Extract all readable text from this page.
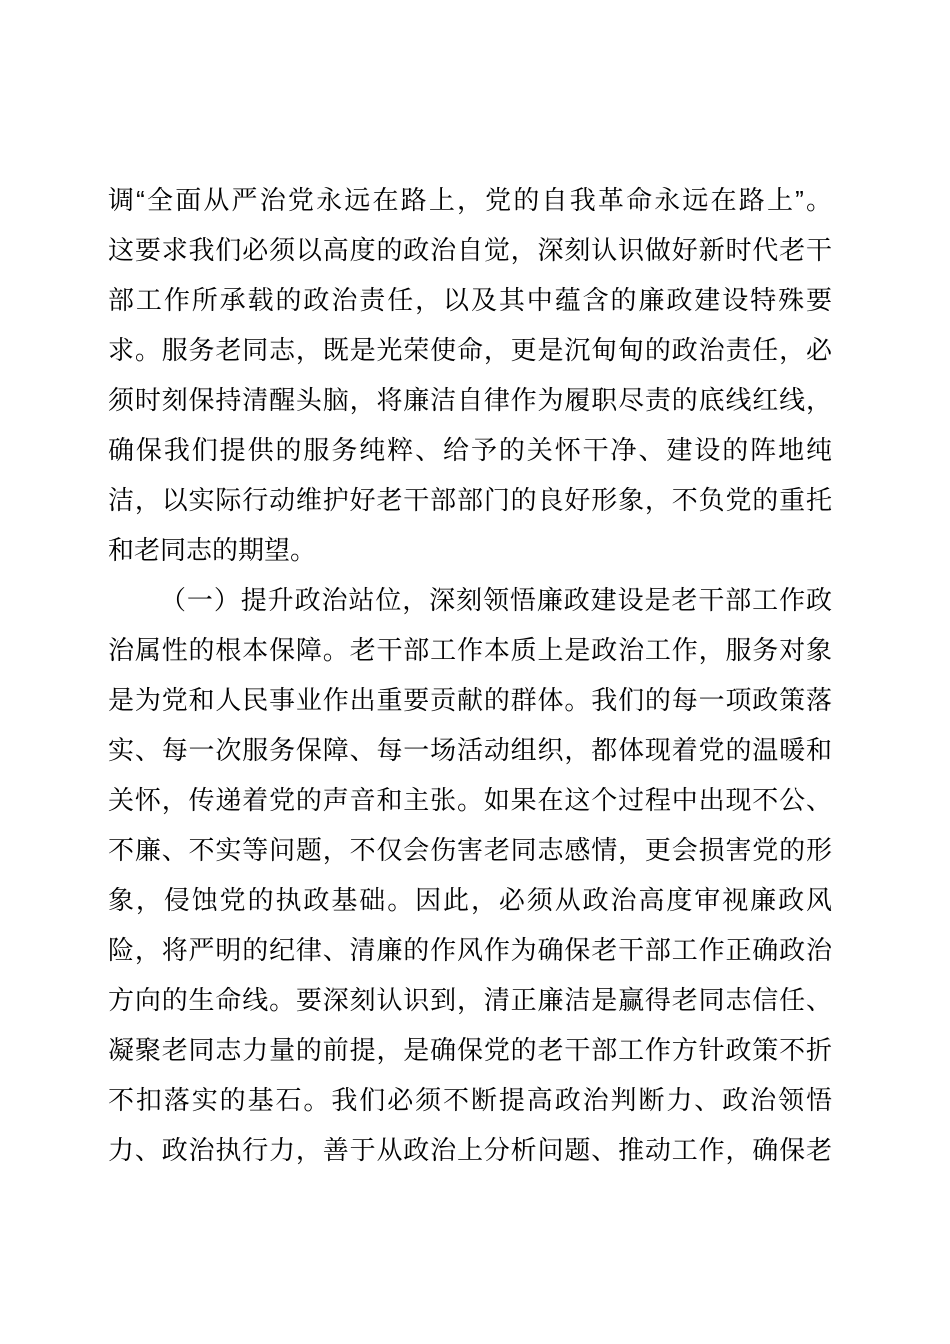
调“全面从严治党永远在路上，党的自我革命永远在路上”。
这要求我们必须以高度的政治自觉，深刻认识做好新时代老干
部工作所承载的政治责任，以及其中蕴含的廉政建设特殊要
求。服务老同志，既是光荣使命，更是沉甸甸的政治责任，必
须时刻保持清醒头脑，将廉洁自律作为履职尽责的底线红线，
确保我们提供的服务纯粹、给予的关怀干净、建设的阵地纯
洁，以实际行动维护好老干部部门的良好形象，不负党的重托
和老同志的期望。
（一）提升政治站位，深刻领悟廉政建设是老干部工作政
治属性的根本保障。老干部工作本质上是政治工作，服务对象
是为党和人民事业作出重要贡献的群体。我们的每一项政策落
实、每一次服务保障、每一场活动组织，都体现着党的温暖和
关怀，传递着党的声音和主张。如果在这个过程中出现不公、
不廉、不实等问题，不仅会伤害老同志感情，更会损害党的形
象，侵蚀党的执政基础。因此，必须从政治高度审视廉政风
险，将严明的纪律、清廉的作风作为确保老干部工作正确政治
方向的生命线。要深刻认识到，清正廉洁是赢得老同志信任、
凝聚老同志力量的前提，是确保党的老干部工作方针政策不折
不扣落实的基石。我们必须不断提高政治判断力、政治领悟
力、政治执行力，善于从政治上分析问题、推动工作，确保老
